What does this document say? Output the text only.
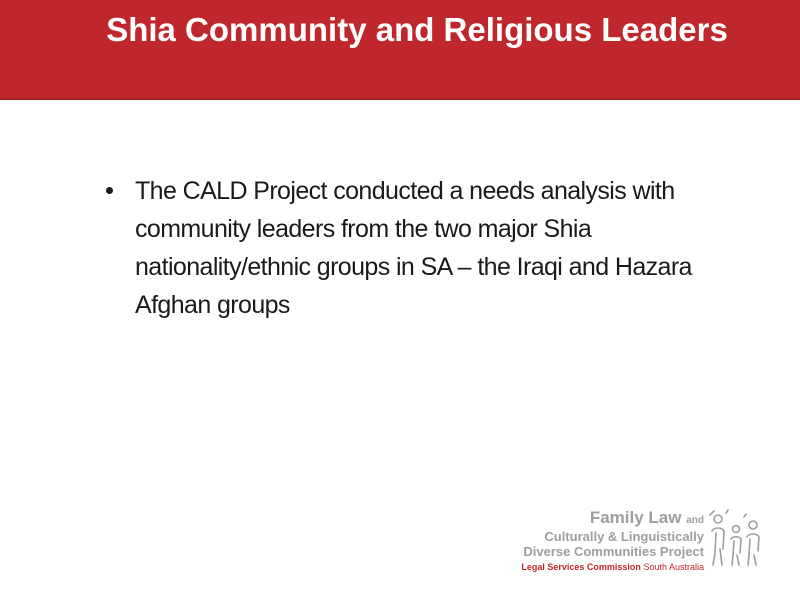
Shia Community and Religious Leaders
The CALD Project conducted a needs analysis with community leaders from the two major Shia nationality/ethnic groups in SA – the Iraqi and Hazara Afghan groups
Family Law and
Culturally & Linguistically
Diverse Communities Project
Legal Services Commission South Australia
